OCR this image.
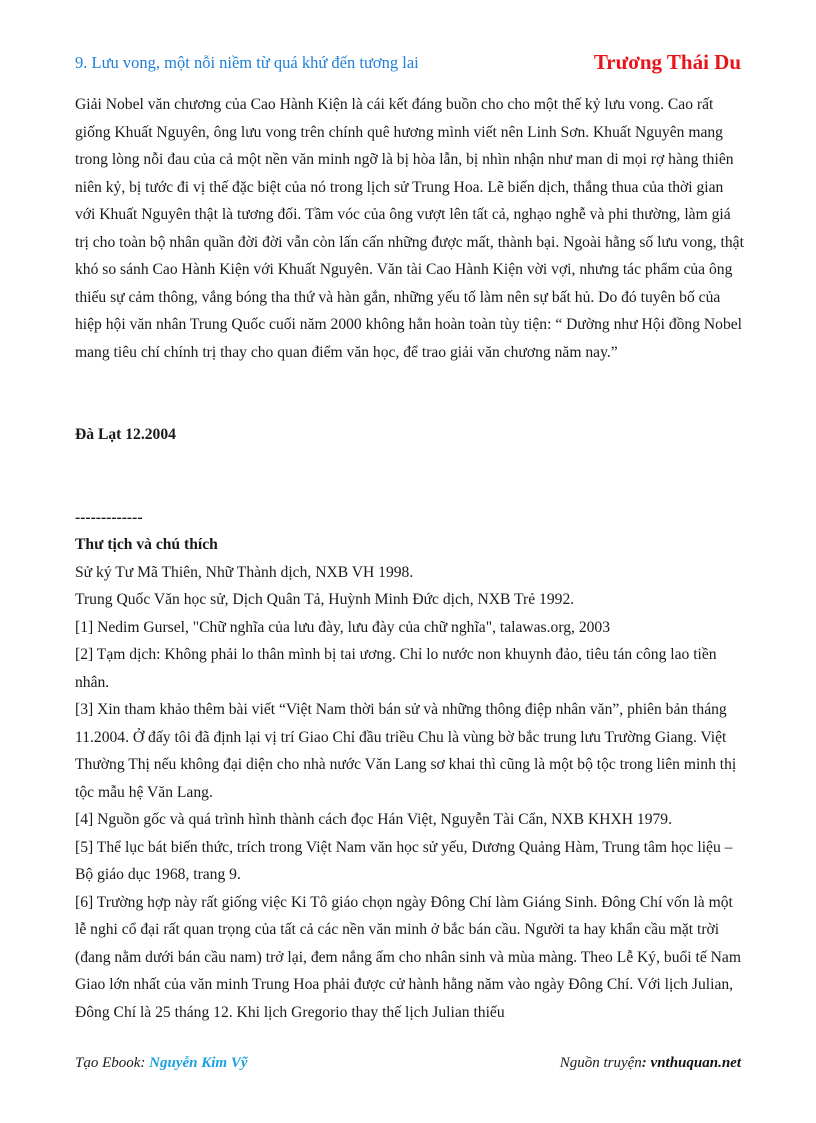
9. Lưu vong, một nỗi niềm từ quá khứ đến tương lai	Trương Thái Du

Giải Nobel văn chương của Cao Hành Kiện là cái kết đáng buồn cho cho một thế kỷ lưu vong. Cao rất giống Khuất Nguyên, ông lưu vong trên chính quê hương mình viết nên Linh Sơn. Khuất Nguyên mang trong lòng nỗi đau của cả một nền văn minh ngỡ là bị hòa lẫn, bị nhìn nhận như man di mọi rợ hàng thiên niên kỷ, bị tước đi vị thế đặc biệt của nó trong lịch sử Trung Hoa. Lẽ biến dịch, thắng thua của thời gian với Khuất Nguyên thật là tương đối. Tầm vóc của ông vượt lên tất cả, nghạo nghễ và phi thường, làm giá trị cho toàn bộ nhân quần đời đời vẫn còn lấn cấn những được mất, thành bại. Ngoài hằng số lưu vong, thật khó so sánh Cao Hành Kiện với Khuất Nguyên. Văn tài Cao Hành Kiện vời vợi, nhưng tác phẩm của ông thiếu sự cảm thông, vắng bóng tha thứ và hàn gắn, những yếu tố làm nên sự bất hủ. Do đó tuyên bố của hiệp hội văn nhân Trung Quốc cuối năm 2000 không hẳn hoàn toàn tùy tiện: “ Dường như Hội đồng Nobel mang tiêu chí chính trị thay cho quan điểm văn học, để trao giải văn chương năm nay.”

Đà Lạt 12.2004

-------------

Thư tịch và chú thích

Sử ký Tư Mã Thiên, Nhữ Thành dịch, NXB VH 1998.

Trung Quốc Văn học sử, Dịch Quân Tả, Huỳnh Minh Đức dịch, NXB Trẻ 1992.

[1] Nedim Gursel, "Chữ nghĩa của lưu đày, lưu đày của chữ nghĩa", talawas.org, 2003

[2] Tạm dịch: Không phải lo thân mình bị tai ương. Chỉ lo nước non khuynh đảo, tiêu tán công lao tiền nhân.

[3] Xin tham khảo thêm bài viết “Việt Nam thời bán sử và những thông điệp nhân văn”, phiên bản tháng 11.2004. Ở đấy tôi đã định lại vị trí Giao Chỉ đầu triều Chu là vùng bờ bắc trung lưu Trường Giang. Việt Thường Thị nếu không đại diện cho nhà nước Văn Lang sơ khai thì cũng là một bộ tộc trong liên minh thị tộc mẫu hệ Văn Lang.

[4] Nguồn gốc và quá trình hình thành cách đọc Hán Việt, Nguyễn Tài Cẩn, NXB KHXH 1979.

[5] Thể lục bát biến thức, trích trong Việt Nam văn học sử yếu, Dương Quảng Hàm, Trung tâm học liệu – Bộ giáo dục 1968, trang 9.

[6] Trường hợp này rất giống việc Ki Tô giáo chọn ngày Đông Chí làm Giáng Sinh. Đông Chí vốn là một lễ nghi cổ đại rất quan trọng của tất cả các nền văn minh ở bắc bán cầu. Người ta hay khẩn cầu mặt trời (đang nằm dưới bán cầu nam) trở lại, đem nắng ấm cho nhân sinh và mùa màng. Theo Lễ Ký, buổi tế Nam Giao lớn nhất của văn minh Trung Hoa phải được cử hành hằng năm vào ngày Đông Chí. Với lịch Julian, Đông Chí là 25 tháng 12. Khi lịch Gregorio thay thế lịch Julian thiếu

Tạo Ebook: Nguyễn Kim Vỹ	Nguồn truyện: vnthuquan.net
